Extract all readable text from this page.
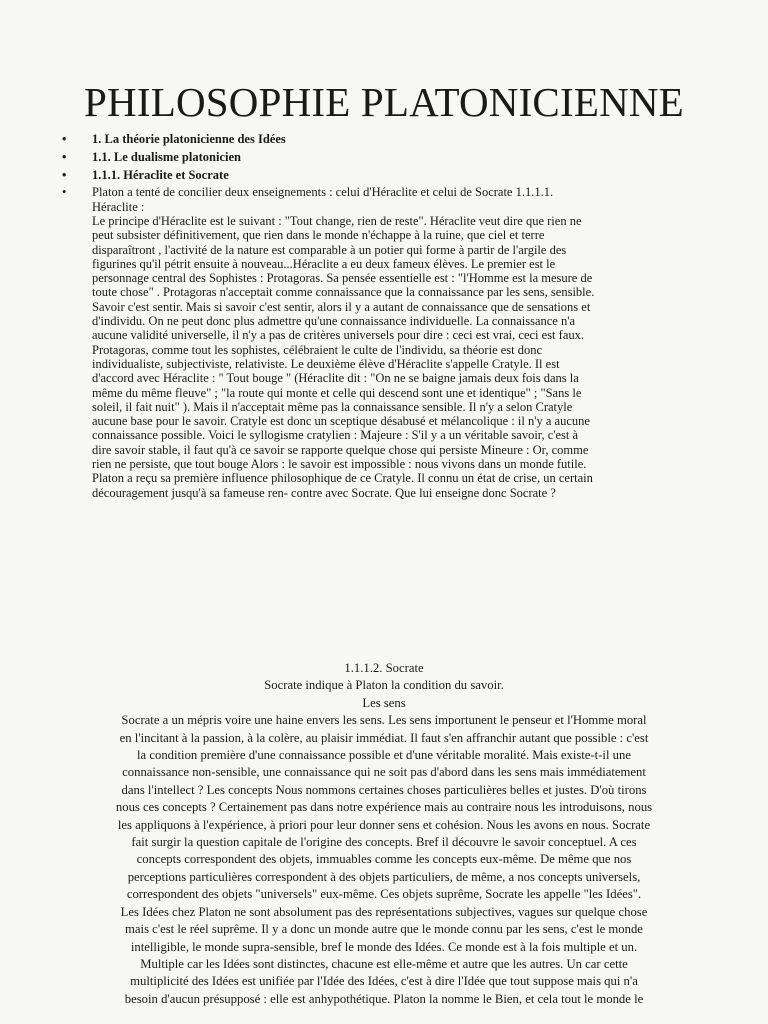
PHILOSOPHIE PLATONICIENNE
• 1. La théorie platonicienne des Idées
• 1.1. Le dualisme platonicien
• 1.1.1. Héraclite et Socrate
• Platon a tenté de concilier deux enseignements : celui d'Héraclite et celui de Socrate 1.1.1.1.
Héraclite :
Le principe d'Héraclite est le suivant : "Tout change, rien de reste". Héraclite veut dire que rien ne
peut subsister définitivement, que rien dans le monde n'échappe à la ruine, que ciel et terre
disparaîtront , l'activité de la nature est comparable à un potier qui forme à partir de l'argile des
figurines qu'il pétrit ensuite à nouveau...Héraclite a eu deux fameux élèves. Le premier est le
personnage central des Sophistes : Protagoras. Sa pensée essentielle est : "l'Homme est la mesure de
toute chose" . Protagoras n'acceptait comme connaissance que la connaissance par les sens, sensible.
Savoir c'est sentir. Mais si savoir c'est sentir, alors il y a autant de connaissance que de sensations et
d'individu. On ne peut donc plus admettre qu'une connaissance individuelle. La connaissance n'a
aucune validité universelle, il n'y a pas de critères universels pour dire : ceci est vrai, ceci est faux.
Protagoras, comme tout les sophistes, célébraient le culte de l'individu, sa théorie est donc
individualiste, subjectiviste, relativiste. Le deuxième élève d'Héraclite s'appelle Cratyle. Il est
d'accord avec Héraclite : " Tout bouge " (Héraclite dit : "On ne se baigne jamais deux fois dans la
même du même fleuve" ; "la route qui monte et celle qui descend sont une et identique" ; "Sans le
soleil, il fait nuit" ). Mais il n'acceptait même pas la connaissance sensible. Il n'y a selon Cratyle
aucune base pour le savoir. Cratyle est donc un sceptique désabusé et mélancolique : il n'y a aucune
connaissance possible. Voici le syllogisme cratylien : Majeure : S'il y a un véritable savoir, c'est à
dire savoir stable, il faut qu'à ce savoir se rapporte quelque chose qui persiste Mineure : Or, comme
rien ne persiste, que tout bouge Alors : le savoir est impossible : nous vivons dans un monde futile.
Platon a reçu sa première influence philosophique de ce Cratyle. Il connu un état de crise, un certain
découragement jusqu'à sa fameuse ren- contre avec Socrate. Que lui enseigne donc Socrate ?
1.1.1.2. Socrate
Socrate indique à Platon la condition du savoir.
Les sens
Socrate a un mépris voire une haine envers les sens. Les sens importunent le penseur et l'Homme moral
en l'incitant à la passion, à la colère, au plaisir immédiat. Il faut s'en affranchir autant que possible : c'est
la condition première d'une connaissance possible et d'une véritable moralité. Mais existe-t-il une
connaissance non-sensible, une connaissance qui ne soit pas d'abord dans les sens mais immédiatement
dans l'intellect ? Les concepts Nous nommons certaines choses particulières belles et justes. D'où tirons
nous ces concepts ? Certainement pas dans notre expérience mais au contraire nous les introduisons, nous
les appliquons à l'expérience, à priori pour leur donner sens et cohésion. Nous les avons en nous. Socrate
fait surgir la question capitale de l'origine des concepts. Bref il découvre le savoir conceptuel. A ces
concepts correspondent des objets, immuables comme les concepts eux-même. De même que nos
perceptions particulières correspondent à des objets particuliers, de même, a nos concepts universels,
correspondent des objets "universels" eux-même. Ces objets suprême, Socrate les appelle "les Idées".
Les Idées chez Platon ne sont absolument pas des représentations subjectives, vagues sur quelque chose
mais c'est le réel suprême. Il y a donc un monde autre que le monde connu par les sens, c'est le monde
intelligible, le monde supra-sensible, bref le monde des Idées. Ce monde est à la fois multiple et un.
Multiple car les Idées sont distinctes, chacune est elle-même et autre que les autres. Un car cette
multiplicité des Idées est unifiée par l'Idée des Idées, c'est à dire l'Idée que tout suppose mais qui n'a
besoin d'aucun présupposé : elle est anhypothétique. Platon la nomme le Bien, et cela tout le monde le
